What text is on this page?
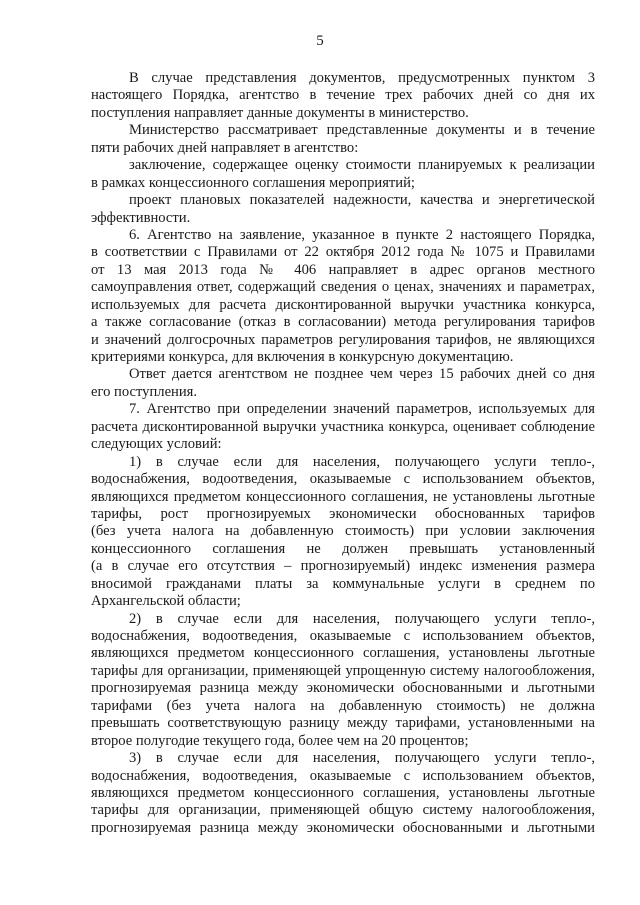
5
В случае представления документов, предусмотренных пунктом 3
настоящего Порядка, агентство в течение трех рабочих дней со дня их
поступления направляет данные документы в министерство.
Министерство рассматривает представленные документы и в течение
пяти рабочих дней направляет в агентство:
заключение, содержащее оценку стоимости планируемых к реализации
в рамках концессионного соглашения мероприятий;
проект плановых показателей надежности, качества и энергетической
эффективности.
6. Агентство на заявление, указанное в пункте 2 настоящего Порядка,
в соответствии с Правилами от 22 октября 2012 года № 1075 и Правилами
от 13 мая 2013 года № 406 направляет в адрес органов местного
самоуправления ответ, содержащий сведения о ценах, значениях и параметрах,
используемых для расчета дисконтированной выручки участника конкурса,
а также согласование (отказ в согласовании) метода регулирования тарифов
и значений долгосрочных параметров регулирования тарифов, не являющихся
критериями конкурса, для включения в конкурсную документацию.
Ответ дается агентством не позднее чем через 15 рабочих дней со дня
его поступления.
7. Агентство при определении значений параметров, используемых для
расчета дисконтированной выручки участника конкурса, оценивает соблюдение
следующих условий:
1) в случае если для населения, получающего услуги тепло-,
водоснабжения, водоотведения, оказываемые с использованием объектов,
являющихся предметом концессионного соглашения, не установлены льготные
тарифы, рост прогнозируемых экономически обоснованных тарифов
(без учета налога на добавленную стоимость) при условии заключения
концессионного соглашения не должен превышать установленный
(а в случае его отсутствия – прогнозируемый) индекс изменения размера
вносимой гражданами платы за коммунальные услуги в среднем по
Архангельской области;
2) в случае если для населения, получающего услуги тепло-,
водоснабжения, водоотведения, оказываемые с использованием объектов,
являющихся предметом концессионного соглашения, установлены льготные
тарифы для организации, применяющей упрощенную систему налогообложения,
прогнозируемая разница между экономически обоснованными и льготными
тарифами (без учета налога на добавленную стоимость) не должна
превышать соответствующую разницу между тарифами, установленными на
второе полугодие текущего года, более чем на 20 процентов;
3) в случае если для населения, получающего услуги тепло-,
водоснабжения, водоотведения, оказываемые с использованием объектов,
являющихся предметом концессионного соглашения, установлены льготные
тарифы для организации, применяющей общую систему налогообложения,
прогнозируемая разница между экономически обоснованными и льготными
